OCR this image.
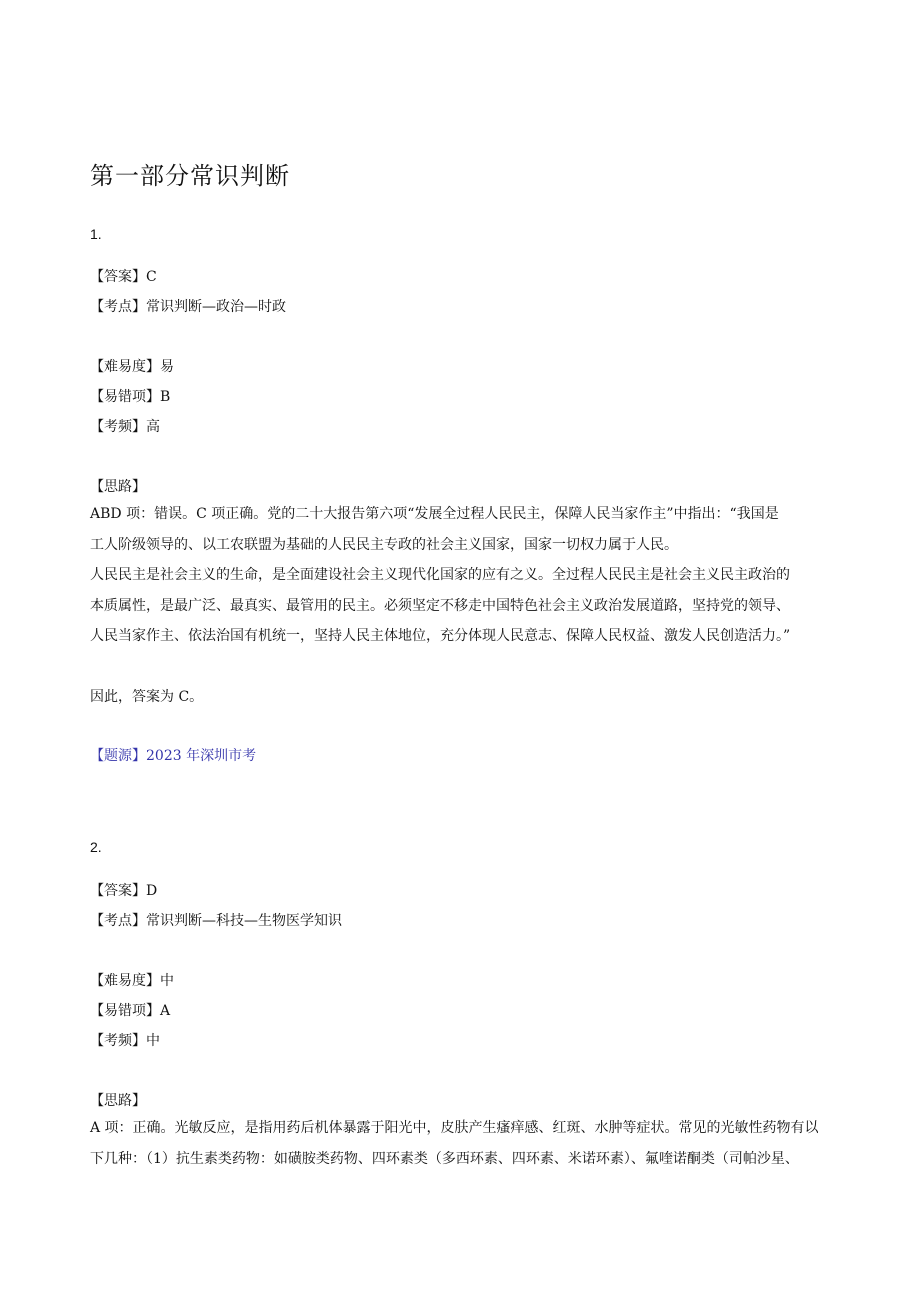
第一部分常识判断
1.
【答案】C
【考点】常识判断—政治—时政
【难易度】易
【易错项】B
【考频】高
【思路】
ABD 项：错误。C 项正确。党的二十大报告第六项“发展全过程人民民主，保障人民当家作主”中指出：“我国是
工人阶级领导的、以工农联盟为基础的人民民主专政的社会主义国家，国家一切权力属于人民。
人民民主是社会主义的生命，是全面建设社会主义现代化国家的应有之义。全过程人民民主是社会主义民主政治的
本质属性，是最广泛、最真实、最管用的民主。必须坚定不移走中国特色社会主义政治发展道路，坚持党的领导、
人民当家作主、依法治国有机统一，坚持人民主体地位，充分体现人民意志、保障人民权益、激发人民创造活力。”
因此，答案为 C。
【题源】2023 年深圳市考
2.
【答案】D
【考点】常识判断—科技—生物医学知识
【难易度】中
【易错项】A
【考频】中
【思路】
A 项：正确。光敏反应，是指用药后机体暴露于阳光中，皮肤产生瘙痒感、红斑、水肿等症状。常见的光敏性药物有以
下几种：（1）抗生素类药物：如磺胺类药物、四环素类（多西环素、四环素、米诺环素）、氟喹诺酮类（司帕沙星、
